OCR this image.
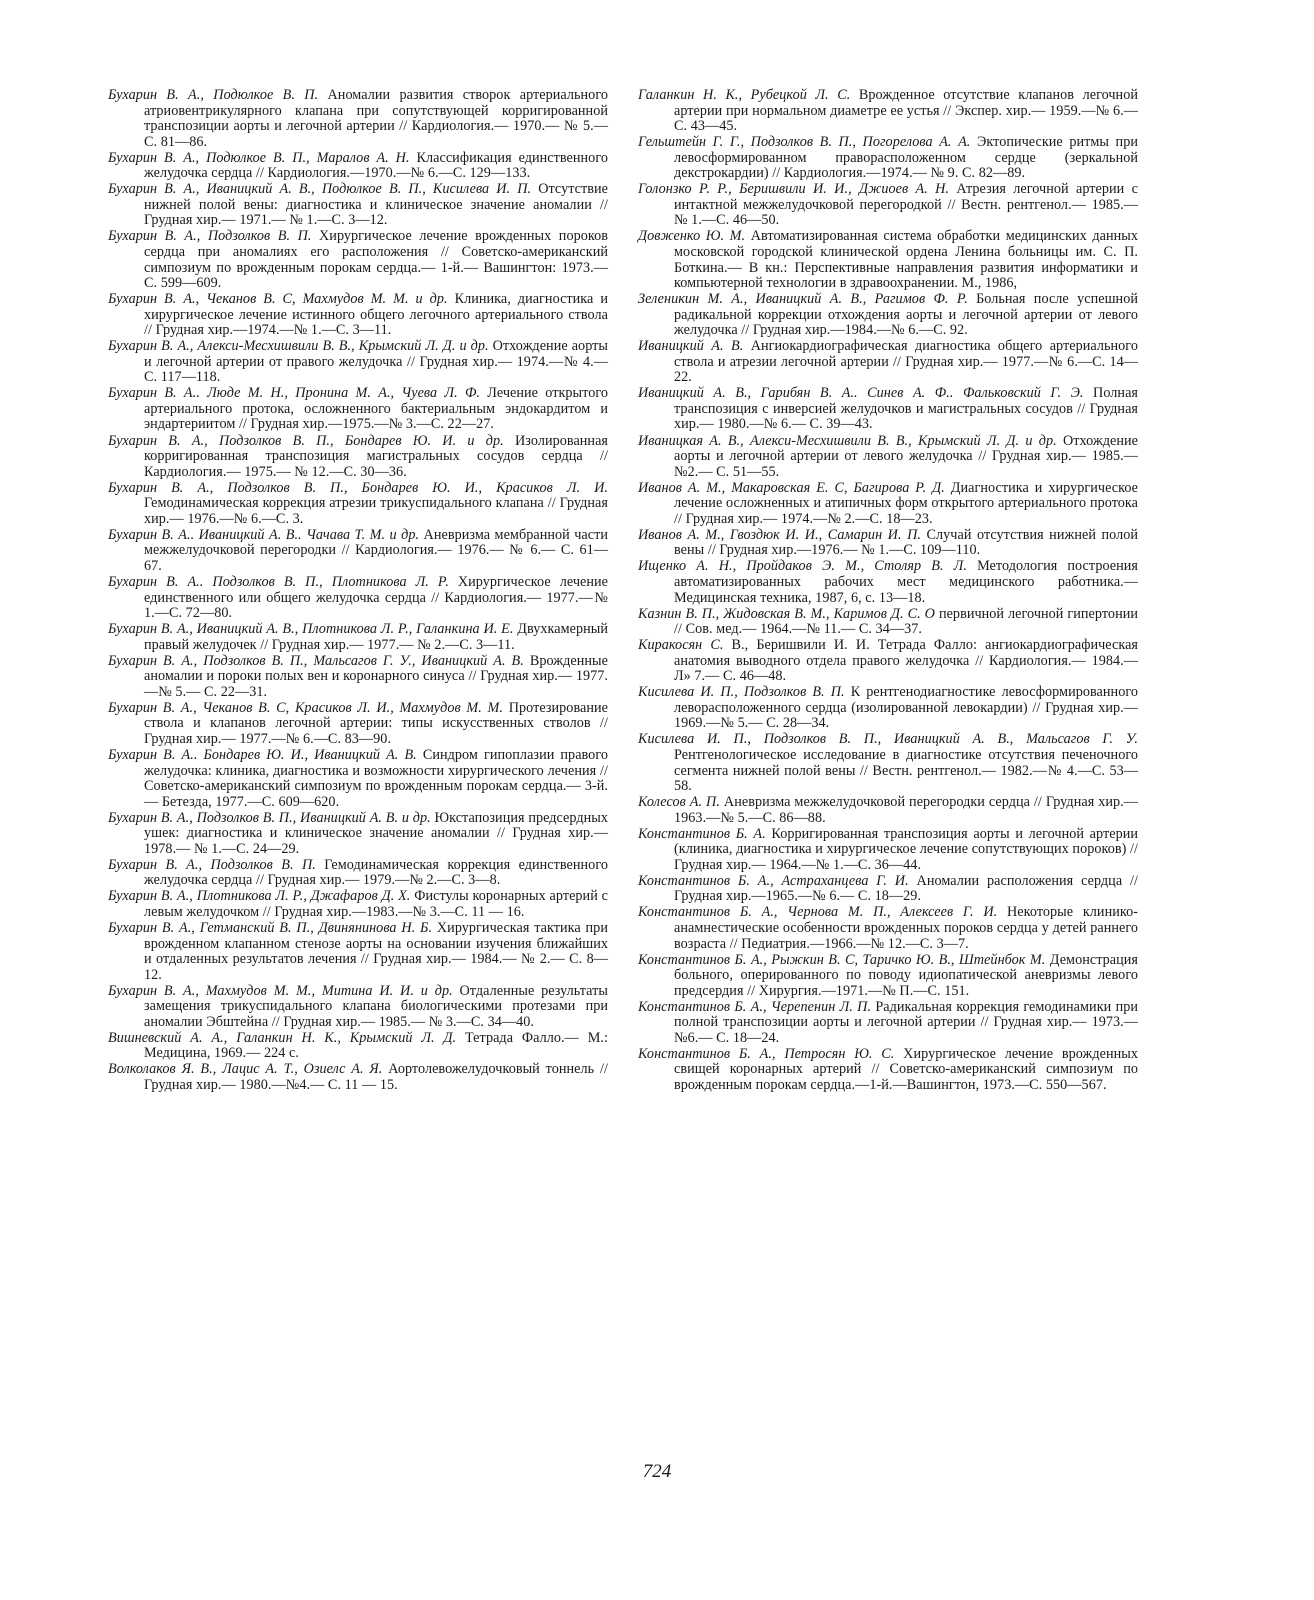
Бухарин В. А., Подюлкое В. П. Аномалии развития створок артериального атриовентрикулярного клапана при сопутствующей корригированной транспозиции аорты и легочной артерии // Кардиология.— 1970.— № 5.— С. 81—86.

Бухарин В. А., Подюлкое В. П., Маралов А. Н. Классификация единственного желудочка сердца // Кардиология.—1970.—№ 6.—С. 129—133.

Бухарин В. А., Иваницкий А. В., Подюлкое В. П., Кисилева И. П. Отсутствие нижней полой вены: диагностика и клиническое значение аномалии // Грудная хир.— 1971.— № 1.—С. 3—12.

Бухарин В. А., Подзолков В. П. Хирургическое лечение врожденных пороков сердца при аномалиях его расположения // Советско-американский симпозиум по врожденным порокам сердца.— 1-й.— Вашингтон: 1973.— С. 599—609.

Бухарин В. А., Чеканов В. С, Махмудов М. М. и др. Клиника, диагностика и хирургическое лечение истинного общего легочного артериального ствола // Грудная хир.—1974.—№ 1.—С. 3—11.

Бухарин В. А., Алекси-Месхишвили В. В., Крымский Л. Д. и др. Отхождение аорты и легочной артерии от правого желудочка // Грудная хир.— 1974.—№ 4.—С. 117—118.

Бухарин В. А.. Люде М. Н., Пронина М. А., Чуева Л. Ф. Лечение открытого артериального протока, осложненного бактериальным эндокардитом и эндартериитом // Грудная хир.—1975.—№ 3.—С. 22—27.

Бухарин В. А., Подзолков В. П., Бондарев Ю. И. и др. Изолированная корригированная транспозиция магистральных сосудов сердца // Кардиология.— 1975.— № 12.—С. 30—36.

Бухарин В. А., Подзолков В. П., Бондарев Ю. И., Красиков Л. И. Гемодинамическая коррекция атрезии трикуспидального клапана // Грудная хир.— 1976.—№ 6.—С. 3.

Бухарин В. А.. Иваницкий А. В.. Чачава Т. М. и др. Аневризма мембранной части межжелудочковой перегородки // Кардиология.— 1976.— № 6.— С. 61—67.

Бухарин В. А.. Подзолков В. П., Плотникова Л. Р. Хирургическое лечение единственного или общего желудочка сердца // Кардиология.— 1977.—№ 1.—С. 72—80.

Бухарин В. А., Иваницкий А. В., Плотникова Л. Р., Галанкина И. Е. Двухкамерный правый желудочек // Грудная хир.— 1977.— № 2.—С. 3—11.

Бухарин В. А., Подзолков В. П., Мальсагов Г. У., Иваницкий А. В. Врожденные аномалии и пороки полых вен и коронарного синуса // Грудная хир.— 1977.—№ 5.— С. 22—31.

Бухарин В. А., Чеканов В. С, Красиков Л. И., Махмудов М. М. Протезирование ствола и клапанов легочной артерии: типы искусственных стволов // Грудная хир.— 1977.—№ 6.—С. 83—90.

Бухарин В. А.. Бондарев Ю. И., Иваницкий А. В. Синдром гипоплазии правого желудочка: клиника, диагностика и возможности хирургического лечения // Советско-американский симпозиум по врожденным порокам сердца.— 3-й.— Бетезда, 1977.—С. 609—620.

Бухарин В. А., Подзолков В. П., Иваницкий А. В. и др. Юкстапозиция предсердных ушек: диагностика и клиническое значение аномалии // Грудная хир.—1978.— № 1.—С. 24—29.

Бухарин В. А., Подзолков В. П. Гемодинамическая коррекция единственного желудочка сердца // Грудная хир.— 1979.—№ 2.—С. 3—8.

Бухарин В. А., Плотникова Л. Р., Джафаров Д. X. Фистулы коронарных артерий с левым желудочком // Грудная хир.—1983.—№ 3.—С. 11 — 16.

Бухарин В. А., Гетманский В. П., Двинянинова Н. Б. Хирургическая тактика при врожденном клапанном стенозе аорты на основании изучения ближайших и отдаленных результатов лечения // Грудная хир.— 1984.— № 2.— С. 8—12.

Бухарин В. А., Махмудов М. М., Митина И. И. и др. Отдаленные результаты замещения трикуспидального клапана биологическими протезами при аномалии Эбштейна // Грудная хир.— 1985.— № 3.—С. 34—40.

Вишневский А. А., Галанкин Н. К., Крымский Л. Д. Тетрада Фалло.— М.: Медицина, 1969.— 224 с.

Волколаков Я. В., Лацис А. Т., Озиелс А. Я. Аортолевожелудочковый тоннель // Грудная хир.— 1980.—№4.— С. 11 — 15.

Галанкин Н. К., Рубецкой Л. С. Врожденное отсутствие клапанов легочной артерии при нормальном диаметре ее устья // Экспер. хир.— 1959.—№ 6.—С. 43—45.

Гельштейн Г. Г., Подзолков В. П., Погорелова А. А. Эктопические ритмы при левосформированном праворасположенном сердце (зеркальной декстрокардии) // Кардиология.—1974.— № 9. С. 82—89.

Голонзко Р. Р., Беришвили И. И., Джиоев А. Н. Атрезия легочной артерии с интактной межжелудочковой перегородкой // Вестн. рентгенол.— 1985.— № 1.—С. 46—50.

Довженко Ю. М. Автоматизированная система обработки медицинских данных московской городской клинической ордена Ленина больницы им. С. П. Боткина.— В кн.: Перспективные направления развития информатики и компьютерной технологии в здравоохранении. М., 1986,

Зеленикин М. А., Иваницкий А. В., Рагимов Ф. Р. Больная после успешной радикальной коррекции отхождения аорты и легочной артерии от левого желудочка // Грудная хир.—1984.—№ 6.—С. 92.

Иваницкий А. В. Ангиокардиографическая диагностика общего артериального ствола и атрезии легочной артерии // Грудная хир.— 1977.—№ 6.—С. 14—22.

Иваницкий А. В., Гарибян В. А.. Синев А. Ф.. Фальковский Г. Э. Полная транспозиция с инверсией желудочков и магистральных сосудов // Грудная хир.— 1980.—№ 6.— С. 39—43.

Иваницкая А. В., Алекси-Месхишвили В. В., Крымский Л. Д. и др. Отхождение аорты и легочной артерии от левого желудочка // Грудная хир.— 1985.—№2.— С. 51—55.

Иванов А. М., Макаровская Е. С, Багирова Р. Д. Диагностика и хирургическое лечение осложненных и атипичных форм открытого артериального протока // Грудная хир.— 1974.—№ 2.—С. 18—23.

Иванов А. М., Гвоздюк И. И., Самарин И. П. Случай отсутствия нижней полой вены // Грудная хир.—1976.— № 1.—С. 109—110.

Ищенко А. Н., Пройдаков Э. М., Столяр В. Л. Методология построения автоматизированных рабочих мест медицинского работника.— Медицинская техника, 1987, 6, с. 13—18.

Казнин В. П., Жидовская В. М., Каримов Д. С. О первичной легочной гипертонии // Сов. мед.— 1964.—№ 11.— С. 34—37.

Киракосян С. В., Беришвили И. И. Тетрада Фалло: ангиокардиографическая анатомия выводного отдела правого желудочка // Кардиология.— 1984.—Л» 7.— С. 46—48.

Кисилева И. П., Подзолков В. П. К рентгенодиагностике левосформированного леворасположенного сердца (изолированной левокардии) // Грудная хир.— 1969.—№ 5.— С. 28—34.

Кисилева И. П., Подзолков В. П., Иваницкий А. В., Мальсагов Г. У. Рентгенологическое исследование в диагностике отсутствия печеночного сегмента нижней полой вены // Вестн. рентгенол.— 1982.—№ 4.—С. 53—58.

Колесов А. П. Аневризма межжелудочковой перегородки сердца // Грудная хир.—1963.—№ 5.—С. 86—88.

Константинов Б. А. Корригированная транспозиция аорты и легочной артерии (клиника, диагностика и хирургическое лечение сопутствующих пороков) // Грудная хир.— 1964.—№ 1.—С. 36—44.

Константинов Б. А., Астраханцева Г. И. Аномалии расположения сердца // Грудная хир.—1965.—№ 6.— С. 18—29.

Константинов Б. А., Чернова М. П., Алексеев Г. И. Некоторые клинико-анамнестические особенности врожденных пороков сердца у детей раннего возраста // Педиатрия.—1966.—№ 12.—С. 3—7.

Константинов Б. А., Рыжкин В. С, Таричко Ю. В., Штейнбок М. Демонстрация больного, оперированного по поводу идиопатической аневризмы левого предсердия // Хирургия.—1971.—№ П.—С. 151.

Константинов Б. А., Черепенин Л. П. Радикальная коррекция гемодинамики при полной транспозиции аорты и легочной артерии // Грудная хир.— 1973.—№6.— С. 18—24.

Константинов Б. А., Петросян Ю. С. Хирургическое лечение врожденных свищей коронарных артерий // Советско-американский симпозиум по врожденным порокам сердца.—1-й.—Вашингтон, 1973.—С. 550—567.

724
